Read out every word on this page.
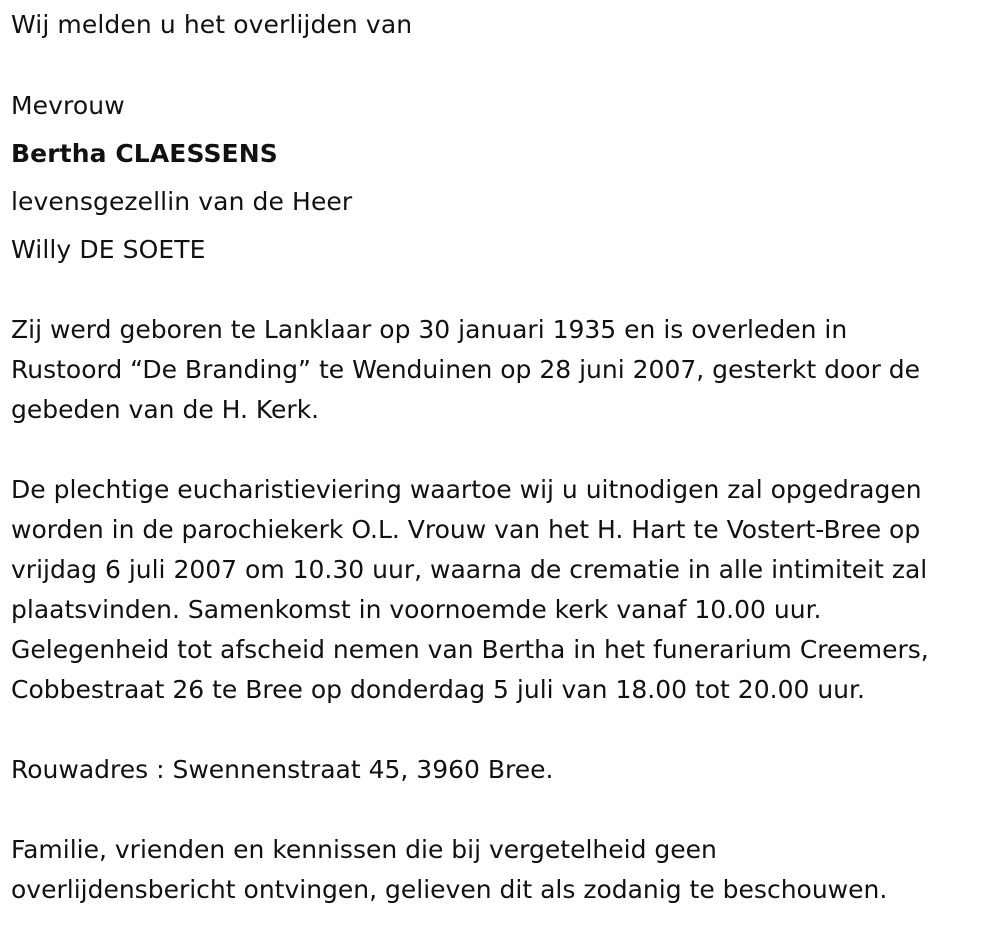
Wij melden u het overlijden van
Mevrouw
Bertha CLAESSENS
levensgezellin van de Heer
Willy DE SOETE
Zij werd geboren te Lanklaar op 30 januari 1935 en is overleden in
Rustoord “De Branding” te Wenduinen op 28 juni 2007, gesterkt door de
gebeden van de H. Kerk.
De plechtige eucharistieviering waartoe wij u uitnodigen zal opgedragen
worden in de parochiekerk O.L. Vrouw van het H. Hart te Vostert-Bree op
vrijdag 6 juli 2007 om 10.30 uur, waarna de crematie in alle intimiteit zal
plaatsvinden. Samenkomst in voornoemde kerk vanaf 10.00 uur.
Gelegenheid tot afscheid nemen van Bertha in het funerarium Creemers,
Cobbestraat 26 te Bree op donderdag 5 juli van 18.00 tot 20.00 uur.
Rouwadres : Swennenstraat 45, 3960 Bree.
Familie, vrienden en kennissen die bij vergetelheid geen
overlijdensbericht ontvingen, gelieven dit als zodanig te beschouwen.
